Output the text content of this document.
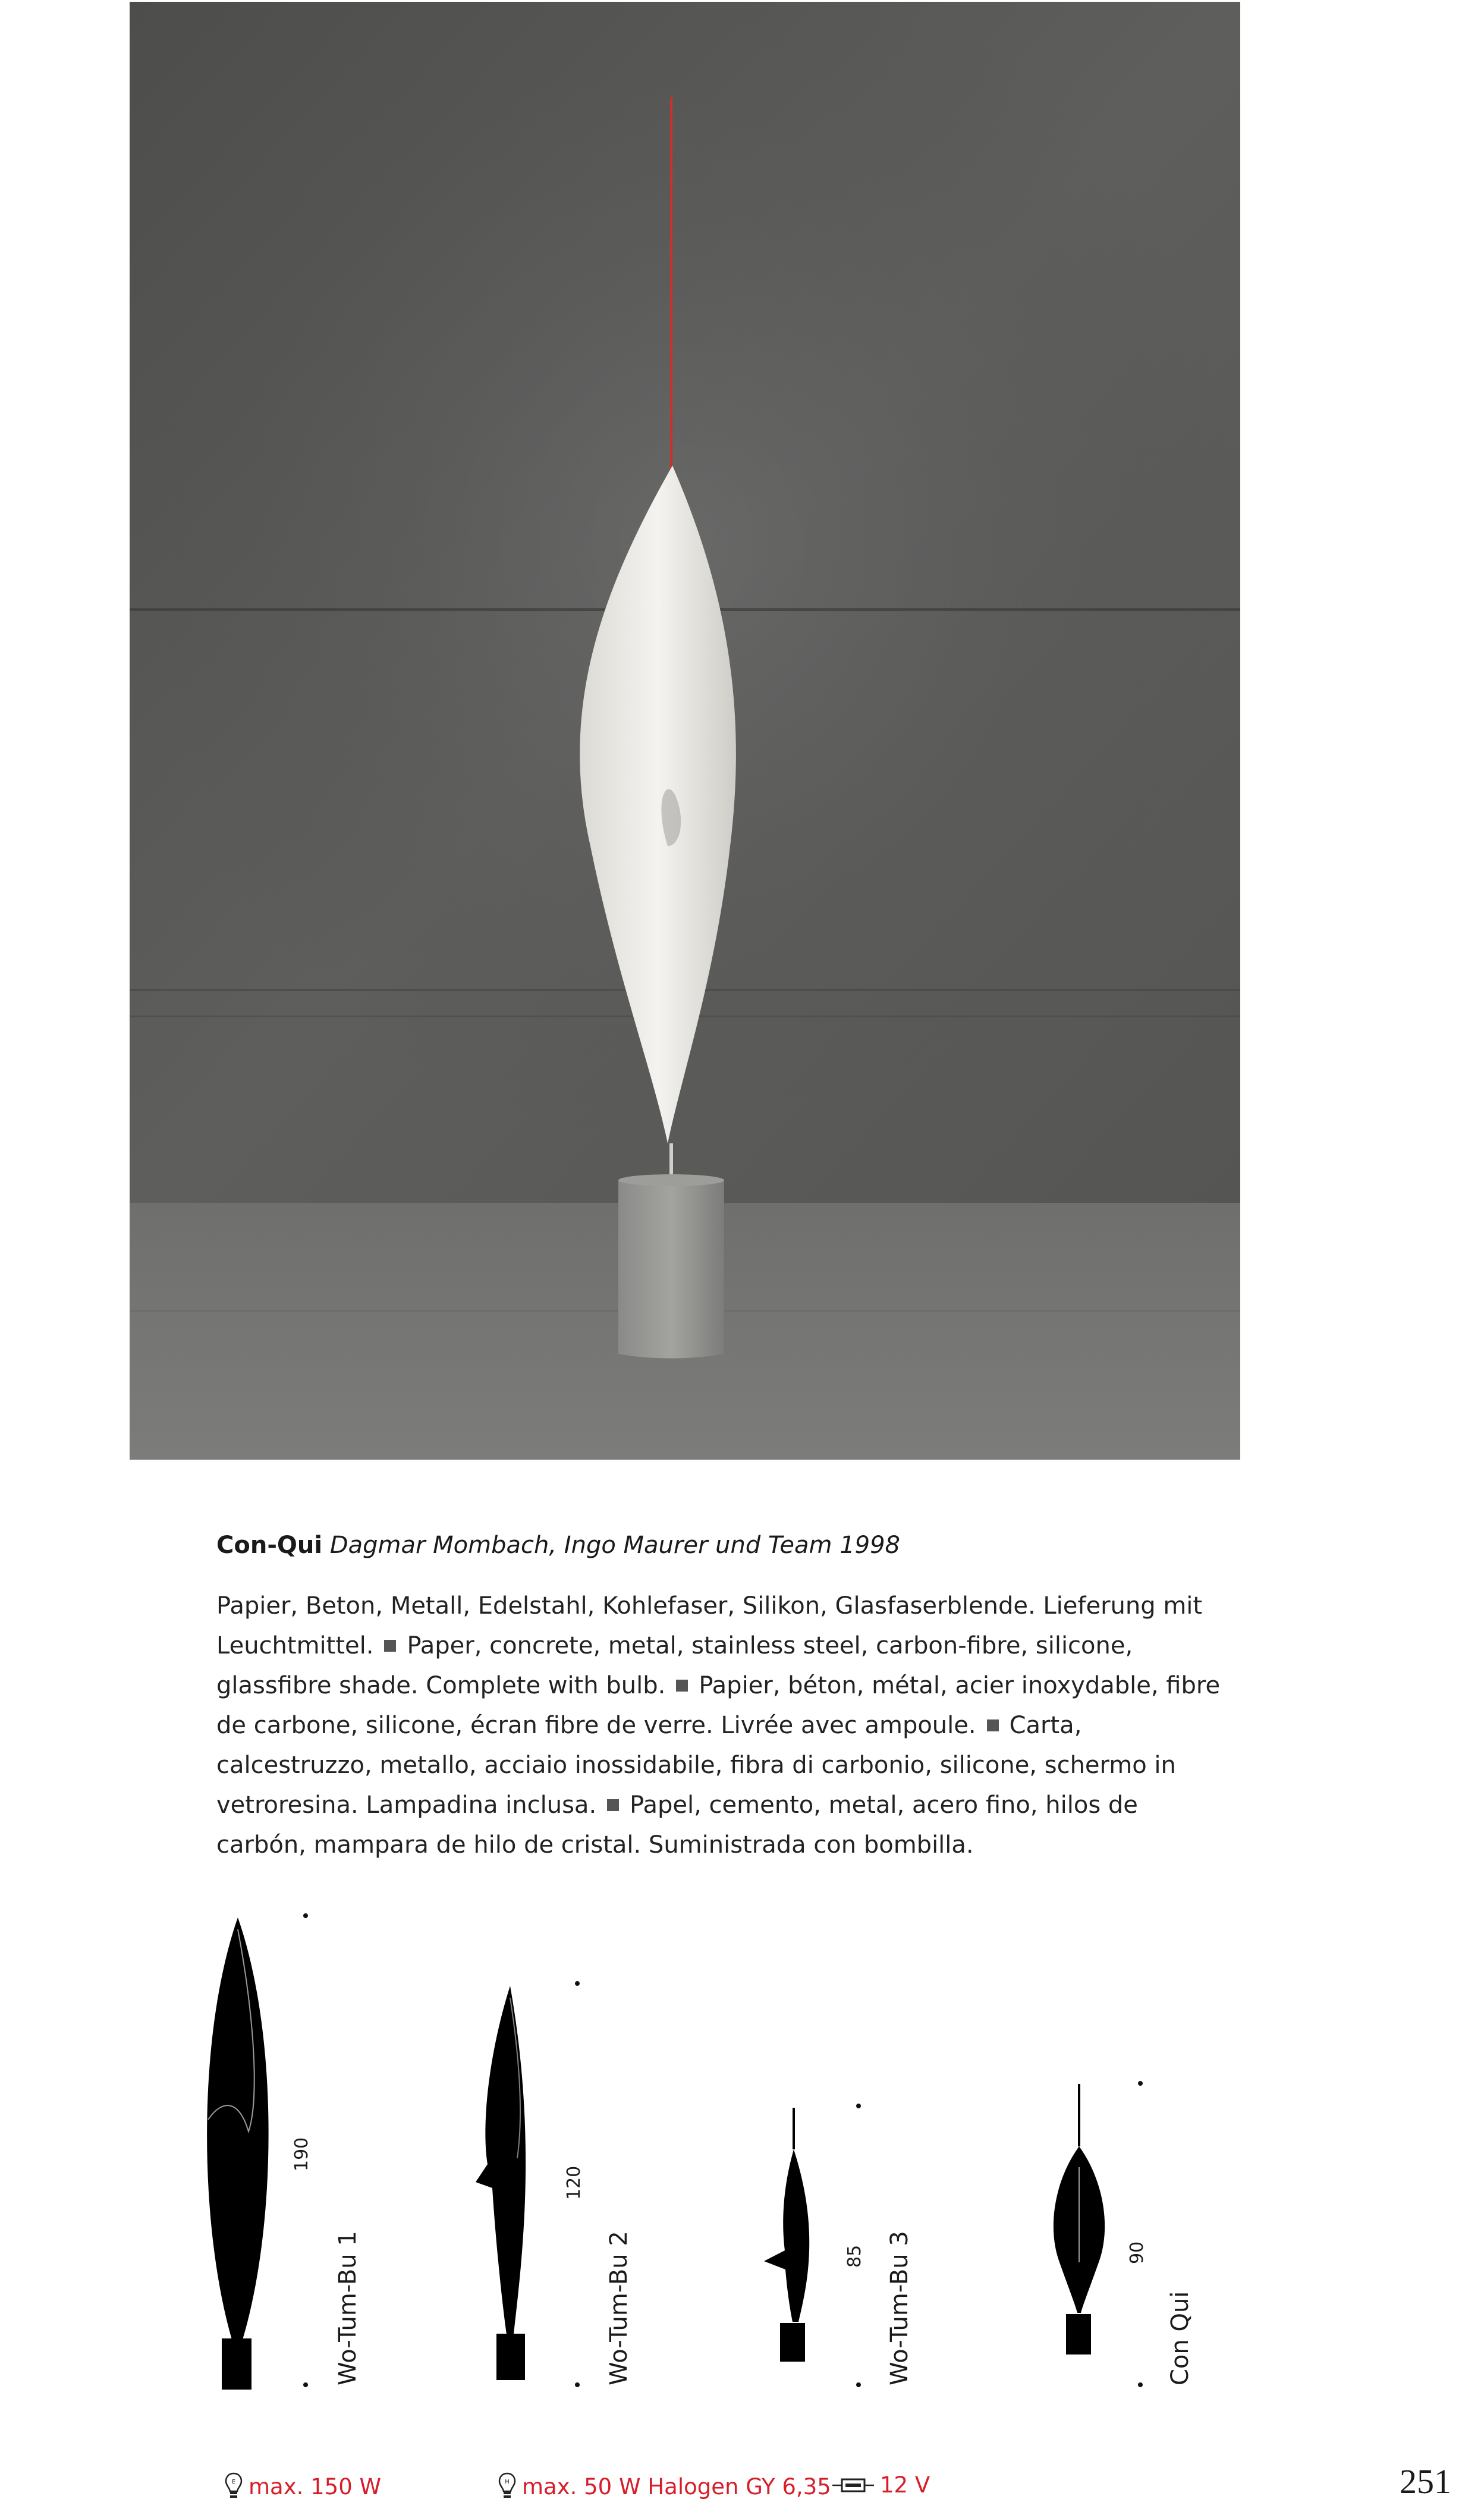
Con-Qui Dagmar Mombach, Ingo Maurer und Team 1998
Papier, Beton, Metall, Edelstahl, Kohlefaser, Silikon, Glasfaserblende. Lieferung mit Leuchtmittel. Paper, concrete, metal, stainless steel, carbon-fibre, silicone, glassfibre shade. Complete with bulb. Papier, béton, métal, acier inoxydable, fibre de carbone, silicone, écran fibre de verre. Livrée avec ampoule. Carta, calcestruzzo, metallo, acciaio inossidabile, fibra di carbonio, silicone, schermo in vetroresina. Lampadina inclusa. Papel, cemento, metal, acero fino, hilos de carbón, mampara de hilo de cristal. Suministrada con bombilla.
190
Wo-Tum-Bu 1
120
Wo-Tum-Bu 2	85 Wo-Tum-Bu 3	90
Con Qui
E max. 150 W	H max. 50 W Halogen GY 6,35 12 V	251
